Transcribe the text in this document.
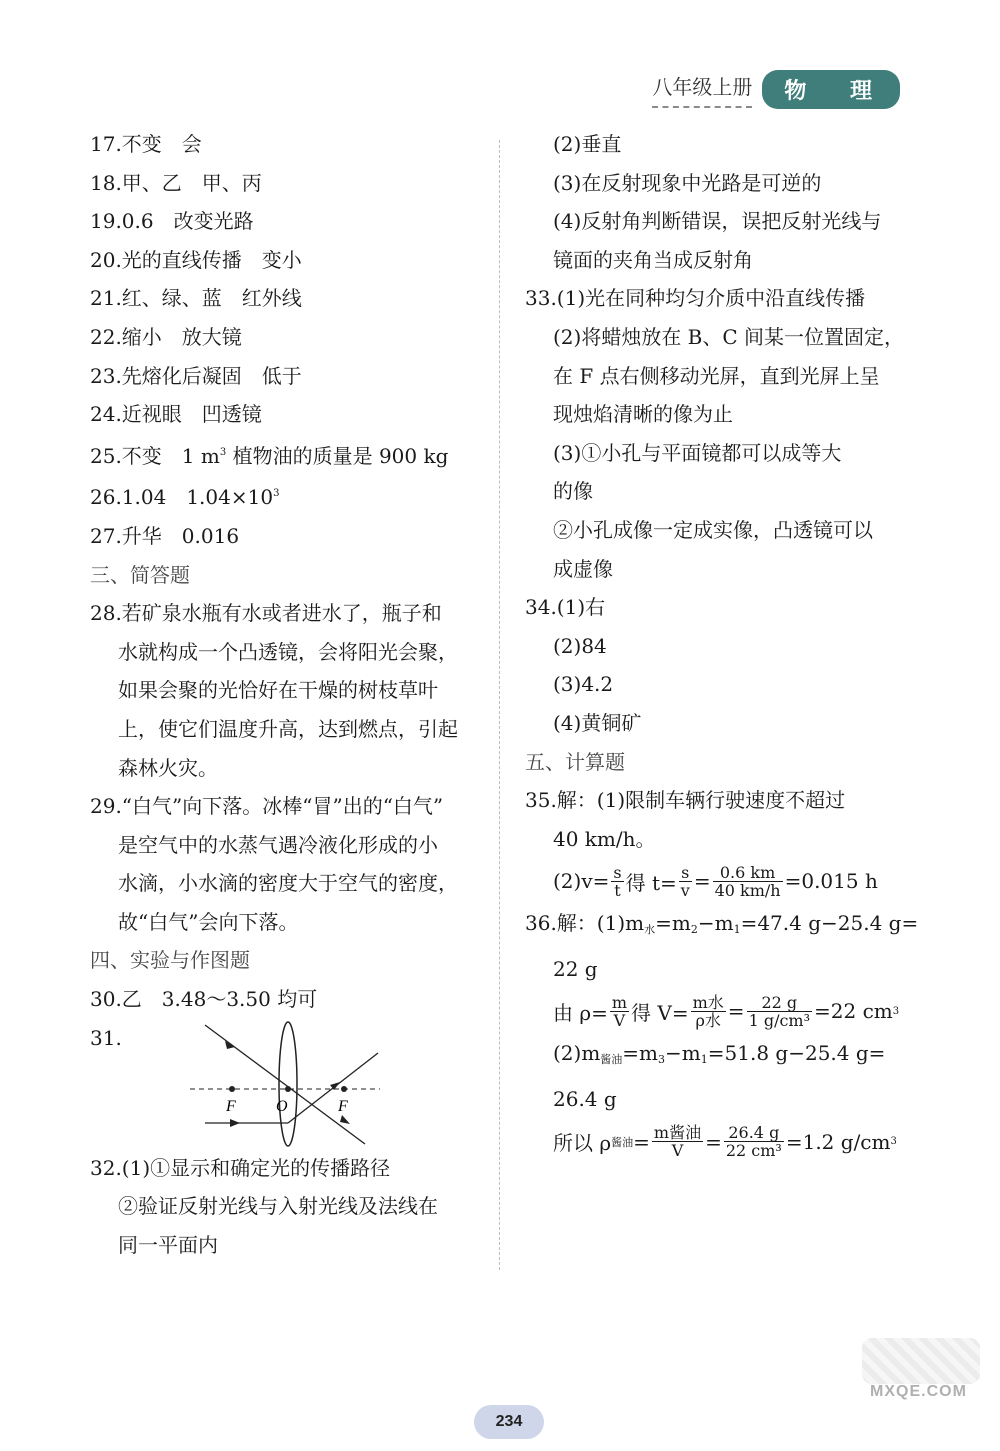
八年级上册	物 理
17.不变　会
18.甲、乙　甲、丙
19.0.6　改变光路
20.光的直线传播　变小
21.红、绿、蓝　红外线
22.缩小　放大镜
23.先熔化后凝固　低于
24.近视眼　凹透镜
25.不变　1 $m^3$ 植物油的质量是 900 kg
26.1.04　$1.04\times 10^3$
27.升华　0.016
三、简答题
28.若矿泉水瓶有水或者进水了，瓶子和
水就构成一个凸透镜，会将阳光会聚，
如果会聚的光恰好在干燥的树枝草叶
上，使它们温度升高，达到燃点，引起
森林火灾。
29.“白气”向下落。冰棒“冒”出的“白气”
是空气中的水蒸气遇冷液化形成的小
水滴，小水滴的密度大于空气的密度，
故“白气”会向下落。
四、实验与作图题
30.乙　3.48～3.50 均可
31.
F	O	F
32.(1)①显示和确定光的传播路径
②验证反射光线与入射光线及法线在
同一平面内
(2)垂直
(3)在反射现象中光路是可逆的
(4)反射角判断错误，误把反射光线与
镜面的夹角当成反射角
33.(1)光在同种均匀介质中沿直线传播
(2)将蜡烛放在 B、C 间某一位置固定，
在 F 点右侧移动光屏，直到光屏上呈
现烛焰清晰的像为止
(3)①小孔与平面镜都可以成等大
的像
②小孔成像一定成实像，凸透镜可以
成虚像
34.(1)右
(2)84
(3)4.2
(4)黄铜矿
五、计算题
35.解：(1)限制车辆行驶速度不超过
40 km/h。
$(2)v= \frac{s}{t}$ 得 $t= \frac{s}{v} = \frac{0.6 km}{40 km/h} =0.015$ h
36.解：$(1)m_水=m_2-m_1=47.4$ g−25.4 g=
22 g
由 $\rho= \frac{m}{V}$ 得 $V= \frac{\text{m水}}{\text{ρ水}} = \frac{22 g}{\text{1 g/cm³}} =22$ cm 3
$(2)m_{酱油}=m_3-m_1=51.8$ g−25.4 g=
26.4 g
所以 ρ 酱油 = $\frac{\text{m酱油}}{V} = \frac{26.4 g}{\text{22 cm³}} =1.2$ g/cm 3
234
MXQE.COM
